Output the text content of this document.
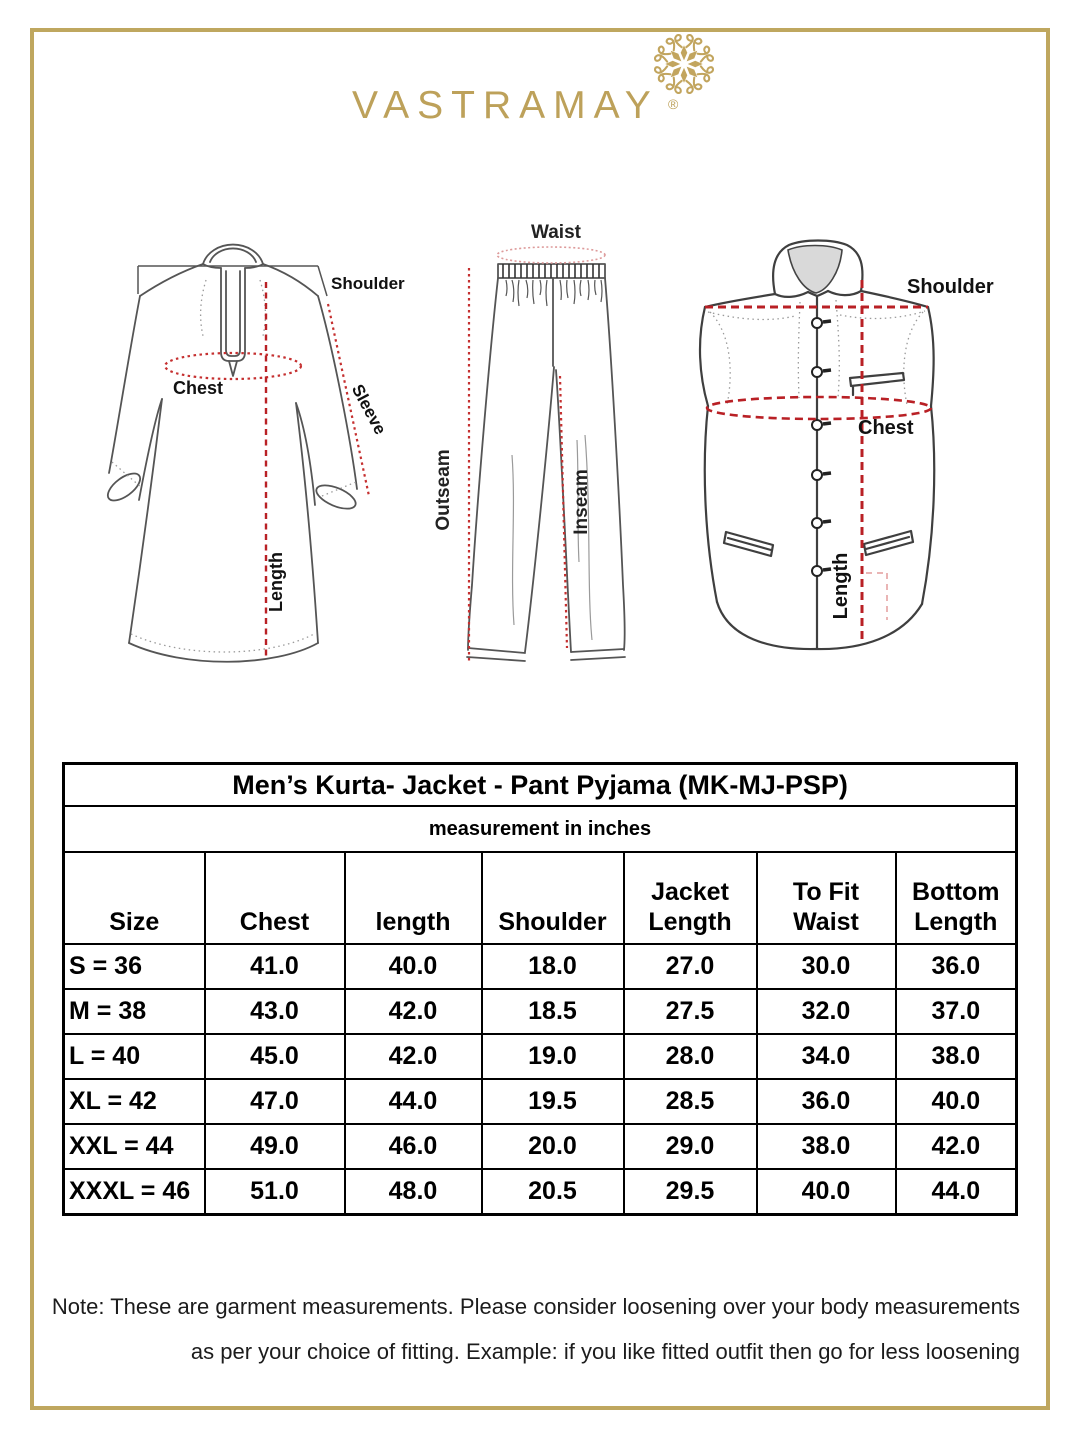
VASTRAMAY ®
Shoulder
Chest	Sleeve
Length
Waist
Outseam	Inseam
Shoulder
Chest
Length
Men’s Kurta- Jacket - Pant Pyjama (MK-MJ-PSP)						
measurement in inches						
Size	Chest	length	Shoulder	Jacket Length	To Fit Waist	Bottom Length
S = 36	41.0	40.0	18.0	27.0	30.0	36.0
M = 38	43.0	42.0	18.5	27.5	32.0	37.0
L = 40	45.0	42.0	19.0	28.0	34.0	38.0
XL = 42	47.0	44.0	19.5	28.5	36.0	40.0
XXL = 44	49.0	46.0	20.0	29.0	38.0	42.0
XXXL = 46	51.0	48.0	20.5	29.5	40.0	44.0
Note: These are garment measurements. Please consider loosening over your body measurements
as per your choice of fitting. Example: if you like fitted outfit then go for less loosening
